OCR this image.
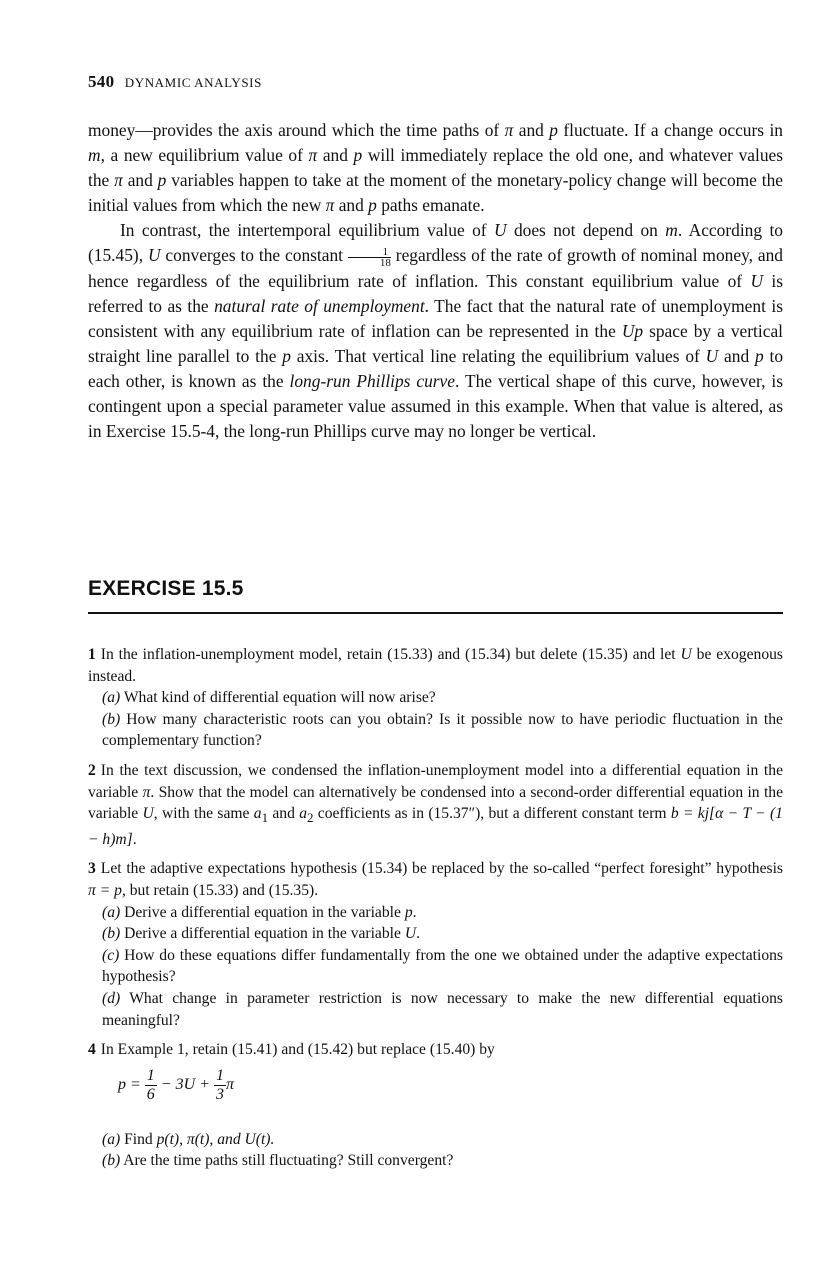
540 DYNAMIC ANALYSIS

money—provides the axis around which the time paths of π and p fluctuate. If a change occurs in m, a new equilibrium value of π and p will immediately replace the old one, and whatever values the π and p variables happen to take at the moment of the monetary-policy change will become the initial values from which the new π and p paths emanate.

In contrast, the intertemporal equilibrium value of U does not depend on m. According to (15.45), U converges to the constant $\frac{1}{18}$ regardless of the rate of growth of nominal money, and hence regardless of the equilibrium rate of inflation. This constant equilibrium value of U is referred to as the natural rate of unemployment. The fact that the natural rate of unemployment is consistent with any equilibrium rate of inflation can be represented in the Up space by a vertical straight line parallel to the p axis. That vertical line relating the equilibrium values of U and p to each other, is known as the long-run Phillips curve. The vertical shape of this curve, however, is contingent upon a special parameter value assumed in this example. When that value is altered, as in Exercise 15.5-4, the long-run Phillips curve may no longer be vertical.

EXERCISE 15.5

1 In the inflation-unemployment model, retain (15.33) and (15.34) but delete (15.35) and let U be exogenous instead.

(a) What kind of differential equation will now arise?

(b) How many characteristic roots can you obtain? Is it possible now to have periodic fluctuation in the complementary function?

2 In the text discussion, we condensed the inflation-unemployment model into a differential equation in the variable π. Show that the model can alternatively be condensed into a second-order differential equation in the variable U, with the same $a_1$ and $a_2$ coefficients as in (15.37″), but a different constant term b = kj[α − T − (1 − h)m].

3 Let the adaptive expectations hypothesis (15.34) be replaced by the so-called “perfect foresight” hypothesis π = p, but retain (15.33) and (15.35).

(a) Derive a differential equation in the variable p.

(b) Derive a differential equation in the variable U.

(c) How do these equations differ fundamentally from the one we obtained under the adaptive expectations hypothesis?

(d) What change in parameter restriction is now necessary to make the new differential equations meaningful?

4 In Example 1, retain (15.41) and (15.42) but replace (15.40) by

$p = \frac{1}{6} - 3U + \frac{1}{3}$ π

(a) Find p(t), π(t), and U(t).

(b) Are the time paths still fluctuating? Still convergent?
